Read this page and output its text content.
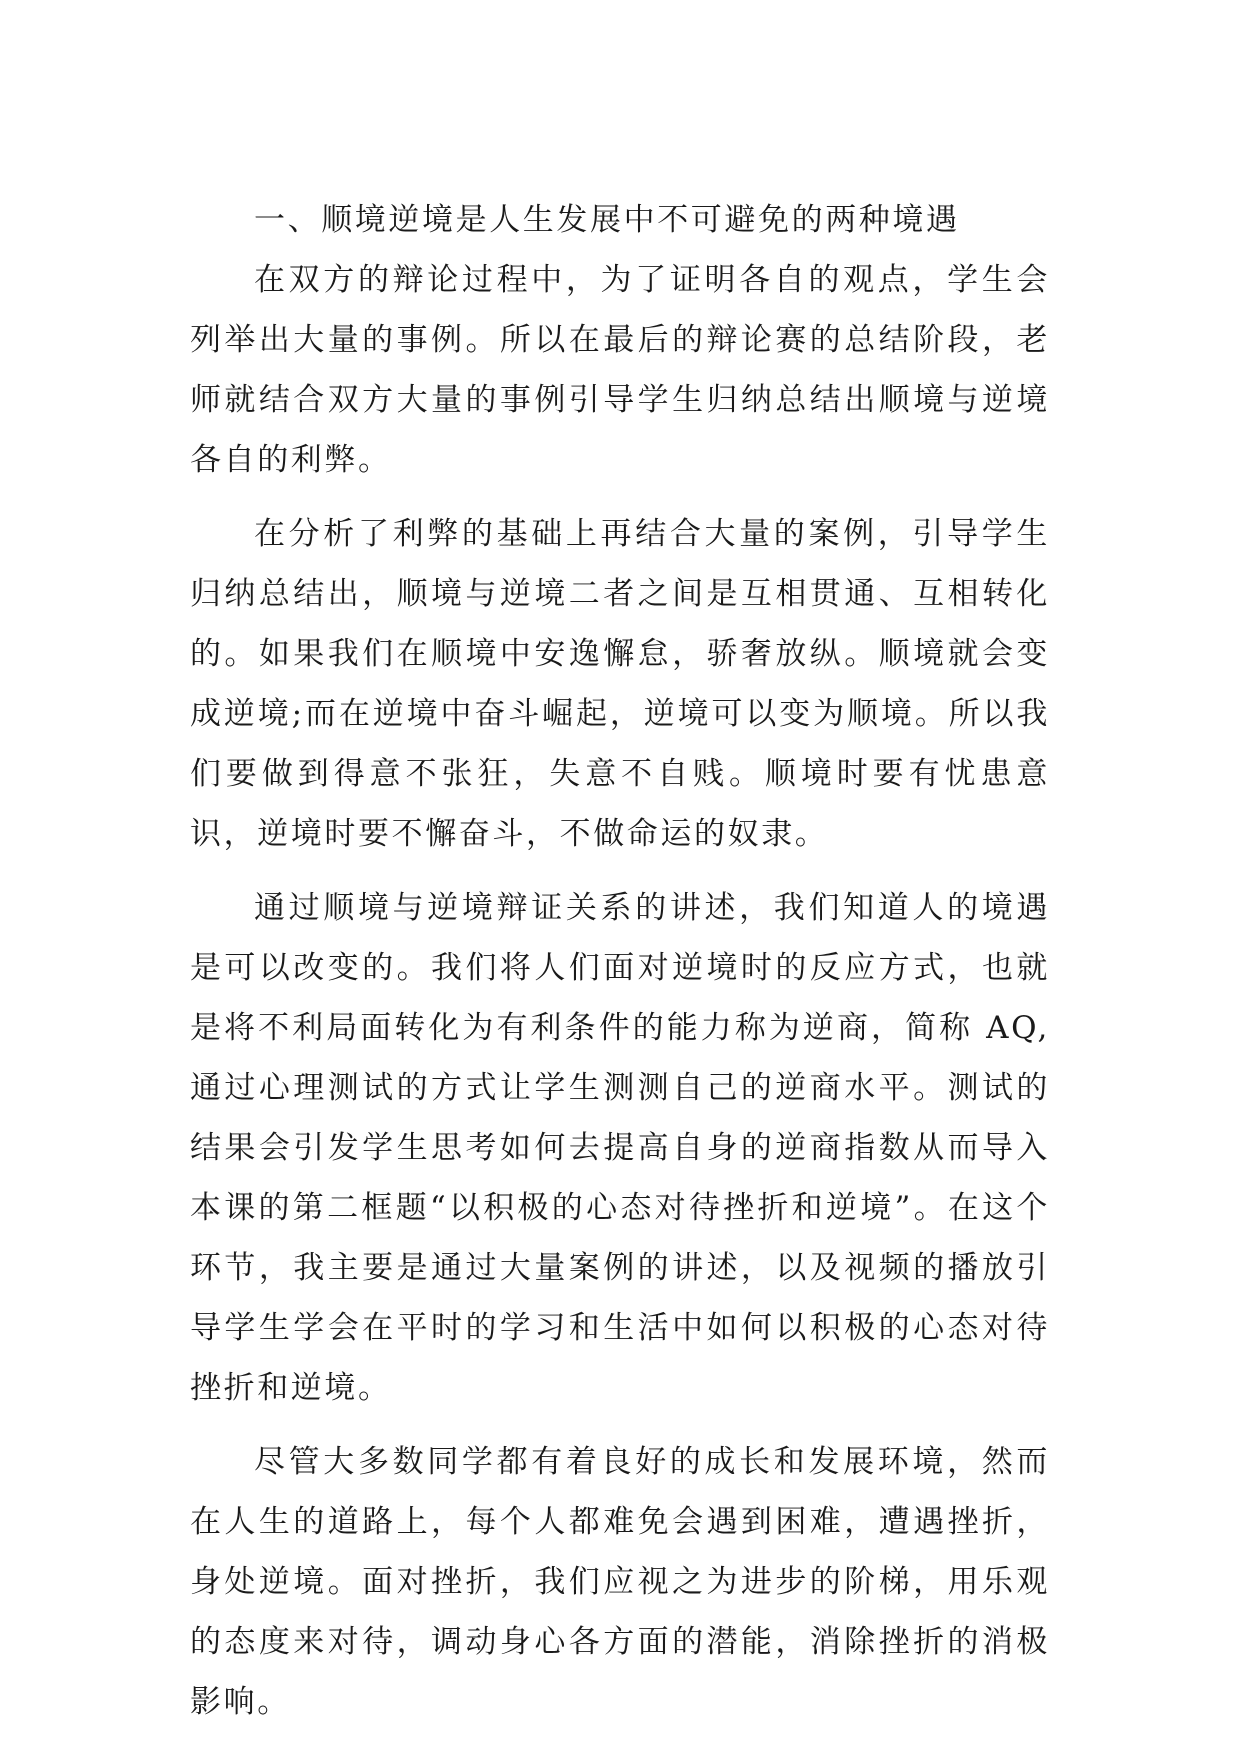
一、顺境逆境是人生发展中不可避免的两种境遇

在双方的辩论过程中，为了证明各自的观点，学生会列举出大量的事例。所以在最后的辩论赛的总结阶段，老师就结合双方大量的事例引导学生归纳总结出顺境与逆境各自的利弊。

在分析了利弊的基础上再结合大量的案例，引导学生归纳总结出，顺境与逆境二者之间是互相贯通、互相转化的。如果我们在顺境中安逸懈怠，骄奢放纵。顺境就会变成逆境;而在逆境中奋斗崛起，逆境可以变为顺境。所以我们要做到得意不张狂，失意不自贱。顺境时要有忧患意识，逆境时要不懈奋斗，不做命运的奴隶。

通过顺境与逆境辩证关系的讲述，我们知道人的境遇是可以改变的。我们将人们面对逆境时的反应方式，也就是将不利局面转化为有利条件的能力称为逆商，简称 AQ,通过心理测试的方式让学生测测自己的逆商水平。测试的结果会引发学生思考如何去提高自身的逆商指数从而导入本课的第二框题“以积极的心态对待挫折和逆境”。在这个环节，我主要是通过大量案例的讲述，以及视频的播放引导学生学会在平时的学习和生活中如何以积极的心态对待挫折和逆境。

尽管大多数同学都有着良好的成长和发展环境，然而在人生的道路上，每个人都难免会遇到困难，遭遇挫折，身处逆境。面对挫折，我们应视之为进步的阶梯，用乐观的态度来对待，调动身心各方面的潜能，消除挫折的消极影响。
